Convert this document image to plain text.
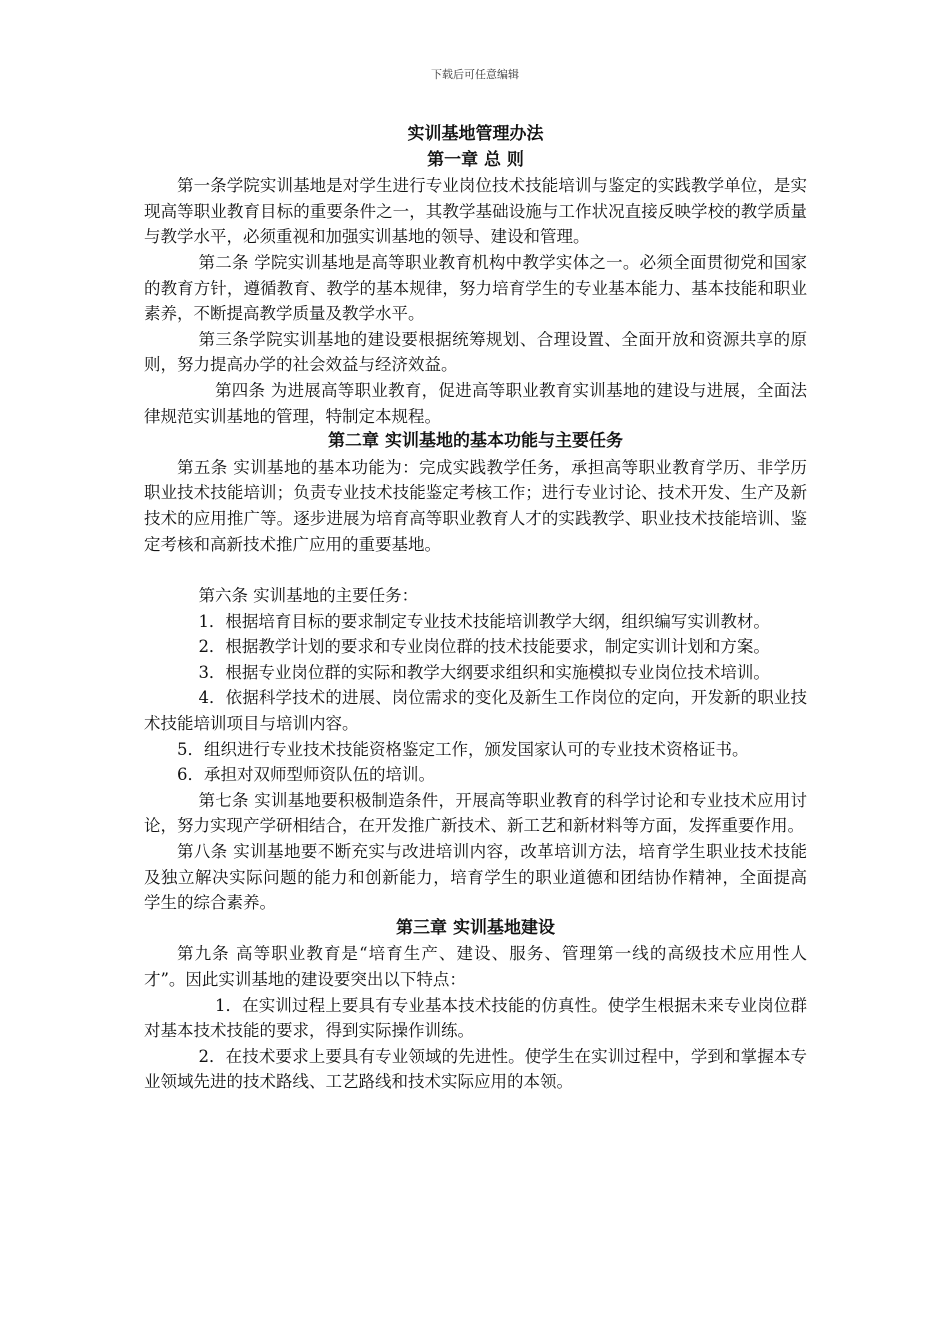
下载后可任意编辑

实训基地管理办法

第一章 总 则

第一条学院实训基地是对学生进行专业岗位技术技能培训与鉴定的实践教学单位，是实现高等职业教育目标的重要条件之一，其教学基础设施与工作状况直接反映学校的教学质量与教学水平，必须重视和加强实训基地的领导、建设和管理。

第二条 学院实训基地是高等职业教育机构中教学实体之一。必须全面贯彻党和国家的教育方针，遵循教育、教学的基本规律，努力培育学生的专业基本能力、基本技能和职业素养，不断提高教学质量及教学水平。

第三条学院实训基地的建设要根据统筹规划、合理设置、全面开放和资源共享的原则，努力提高办学的社会效益与经济效益。

第四条 为进展高等职业教育，促进高等职业教育实训基地的建设与进展，全面法律规范实训基地的管理，特制定本规程。

第二章 实训基地的基本功能与主要任务

第五条 实训基地的基本功能为：完成实践教学任务，承担高等职业教育学历、非学历职业技术技能培训；负责专业技术技能鉴定考核工作；进行专业讨论、技术开发、生产及新技术的应用推广等。逐步进展为培育高等职业教育人才的实践教学、职业技术技能培训、鉴定考核和高新技术推广应用的重要基地。

第六条 实训基地的主要任务：

1．根据培育目标的要求制定专业技术技能培训教学大纲，组织编写实训教材。

2．根据教学计划的要求和专业岗位群的技术技能要求，制定实训计划和方案。

3．根据专业岗位群的实际和教学大纲要求组织和实施模拟专业岗位技术培训。

4．依据科学技术的进展、岗位需求的变化及新生工作岗位的定向，开发新的职业技术技能培训项目与培训内容。

5．组织进行专业技术技能资格鉴定工作，颁发国家认可的专业技术资格证书。

6．承担对双师型师资队伍的培训。

第七条 实训基地要积极制造条件，开展高等职业教育的科学讨论和专业技术应用讨论，努力实现产学研相结合，在开发推广新技术、新工艺和新材料等方面，发挥重要作用。

第八条 实训基地要不断充实与改进培训内容，改革培训方法，培育学生职业技术技能及独立解决实际问题的能力和创新能力，培育学生的职业道德和团结协作精神，全面提高 学生的综合素养。

第三章 实训基地建设

第九条 高等职业教育是“培育生产、建设、服务、管理第一线的高级技术应用性人才”。因此实训基地的建设要突出以下特点：

1．在实训过程上要具有专业基本技术技能的仿真性。使学生根据未来专业岗位群对基本技术技能的要求，得到实际操作训练。

2．在技术要求上要具有专业领域的先进性。使学生在实训过程中，学到和掌握本专业领域先进的技术路线、工艺路线和技术实际应用的本领。
